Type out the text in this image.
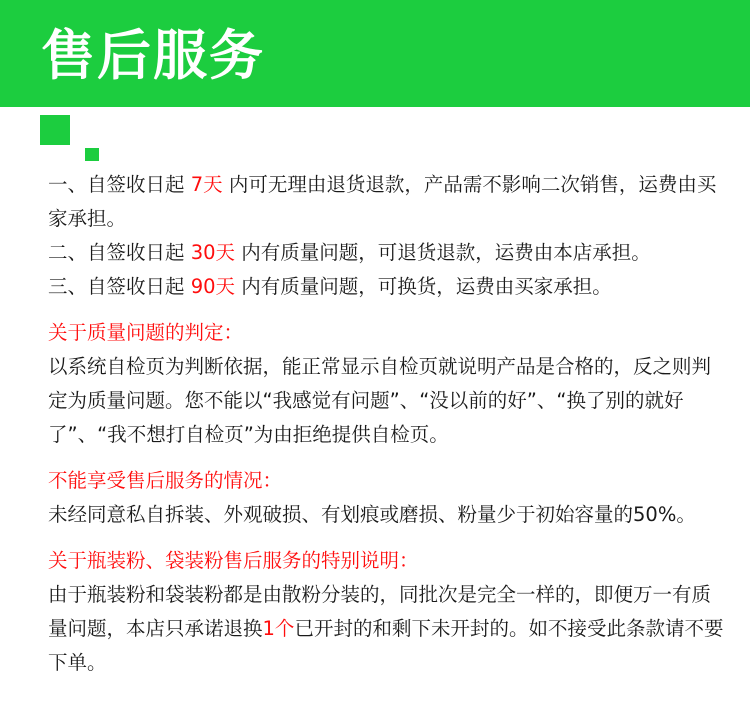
售后服务

一、自签收日起 7天 内可无理由退货退款，产品需不影响二次销售，运费由买家承担。

二、自签收日起 30天 内有质量问题，可退货退款，运费由本店承担。

三、自签收日起 90天 内有质量问题，可换货，运费由买家承担。

关于质量问题的判定：

以系统自检页为判断依据，能正常显示自检页就说明产品是合格的，反之则判定为质量问题。您不能以“我感觉有问题”、“没以前的好”、“换了别的就好了”、“我不想打自检页”为由拒绝提供自检页。

不能享受售后服务的情况：

未经同意私自拆装、外观破损、有划痕或磨损、粉量少于初始容量的50%。

关于瓶装粉、袋装粉售后服务的特别说明：

由于瓶装粉和袋装粉都是由散粉分装的，同批次是完全一样的，即便万一有质量问题，本店只承诺退换1个已开封的和剩下未开封的。如不接受此条款请不要下单。
